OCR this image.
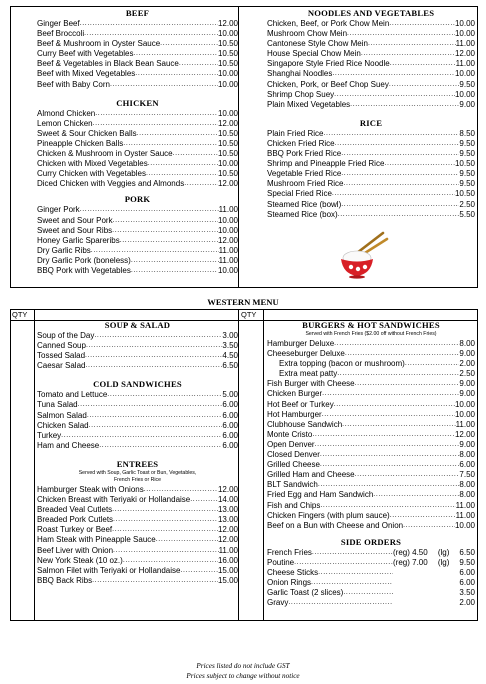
BEEF
Ginger Beef .....	12.00
Beef Broccoli .....	10.00
Beef & Mushroom in Oyster Sauce .....	10.50
Curry Beef with Vegetables .....	10.50
Beef & Vegetables in Black Bean Sauce .....	10.50
Beef with Mixed Vegetables .....	10.00
Beef with Baby Corn .....	10.00
CHICKEN
Almond Chicken .....	10.00
Lemon Chicken .....	12.00
Sweet & Sour Chicken Balls .....	10.50
Pineapple Chicken Balls .....	10.50
Chicken & Mushroom in Oyster Sauce .....	10.50
Chicken with Mixed Vegetables .....	10.00
Curry Chicken with Vegetables .....	10.50
Diced Chicken with Veggies and Almonds .....	12.00
PORK
Ginger Pork .....	11.00
Sweet and Sour Pork .....	10.00
Sweet and Sour Ribs .....	10.00
Honey Garlic Spareribs .....	12.00
Dry Garlic Ribs .....	11.00
Dry Garlic Pork (boneless) .....	11.00
BBQ Pork with Vegetables .....	10.00
NOODLES AND VEGETABLES
Chicken, Beef, or Pork Chow Mein .....	10.00
Mushroom Chow Mein .....	10.00
Cantonese Style Chow Mein .....	11.00
House Special Chow Mein .....	12.00
Singapore Style Fried Rice Noodle .....	11.00
Shanghai Noodles .....	10.00
Chicken, Pork, or Beef Chop Suey .....	9.50
Shrimp Chop Suey .....	10.00
Plain Mixed Vegetables .....	9.00
RICE
Plain Fried Rice .....	8.50
Chicken Fried Rice .....	9.50
BBQ Pork Fried Rice .....	9.50
Shrimp and Pineapple Fried Rice .....	10.50
Vegetable Fried Rice .....	9.50
Mushroom Fried Rice .....	9.50
Special Fried Rice .....	10.50
Steamed Rice (bowl) .....	2.50
Steamed Rice (box) .....	5.50
WESTERN MENU
QTY	QTY
SOUP & SALAD
Soup of the Day .....	3.00
Canned Soup .....	3.50
Tossed Salad .....	4.50
Caesar Salad .....	6.50
COLD SANDWICHES
Tomato and Lettuce .....	5.00
Tuna Salad .....	6.00
Salmon Salad .....	6.00
Chicken Salad .....	6.00
Turkey .....	6.00
Ham and Cheese .....	6.00
ENTREES
Served with Soup, Garlic Toast or Bun, Vegetables,
French Fries or Rice
Hamburger Steak with Onions .....	12.00
Chicken Breast with Teriyaki or Hollandaise .....	14.00
Breaded Veal Cutlets .....	13.00
Breaded Pork Cutlets .....	13.00
Roast Turkey or Beef .....	12.00
Ham Steak with Pineapple Sauce .....	12.00
Beef Liver with Onion .....	11.00
New York Steak (10 oz.) .....	16.00
Salmon Filet with Teriyaki or Hollandaise .....	15.00
BBQ Back Ribs .....	15.00
BURGERS & HOT SANDWICHES
Served with French Fries ($2.00 off without French Fries)
Hamburger Deluxe .....	8.00
Cheeseburger Deluxe .....	9.00
Extra topping (bacon or mushroom) .....	2.00
Extra meat patty .....	2.50
Fish Burger with Cheese .....	9.00
Chicken Burger .....	9.00
Hot Beef or Turkey .....	10.00
Hot Hamburger .....	10.00
Clubhouse Sandwich .....	11.00
Monte Cristo .....	12.00
Open Denver .....	9.00
Closed Denver .....	8.00
Grilled Cheese .....	6.00
Grilled Ham and Cheese .....	7.50
BLT Sandwich .....	8.00
Fried Egg and Ham Sandwich .....	8.00
Fish and Chips .....	11.00
Chicken Fingers (with plum sauce) .....	11.00
Beef on a Bun with Cheese and Onion .....	10.00
SIDE ORDERS
French Fries .....	(reg) 4.50 (lg) 6.50
Poutine .....	(reg) 7.00 (lg) 9.50
Cheese Sticks .....	6.00
Onion Rings .....	6.00
Garlic Toast (2 slices) .....	3.50
Gravy .....	2.00
Prices listed do not include GST
Prices subject to change without notice
